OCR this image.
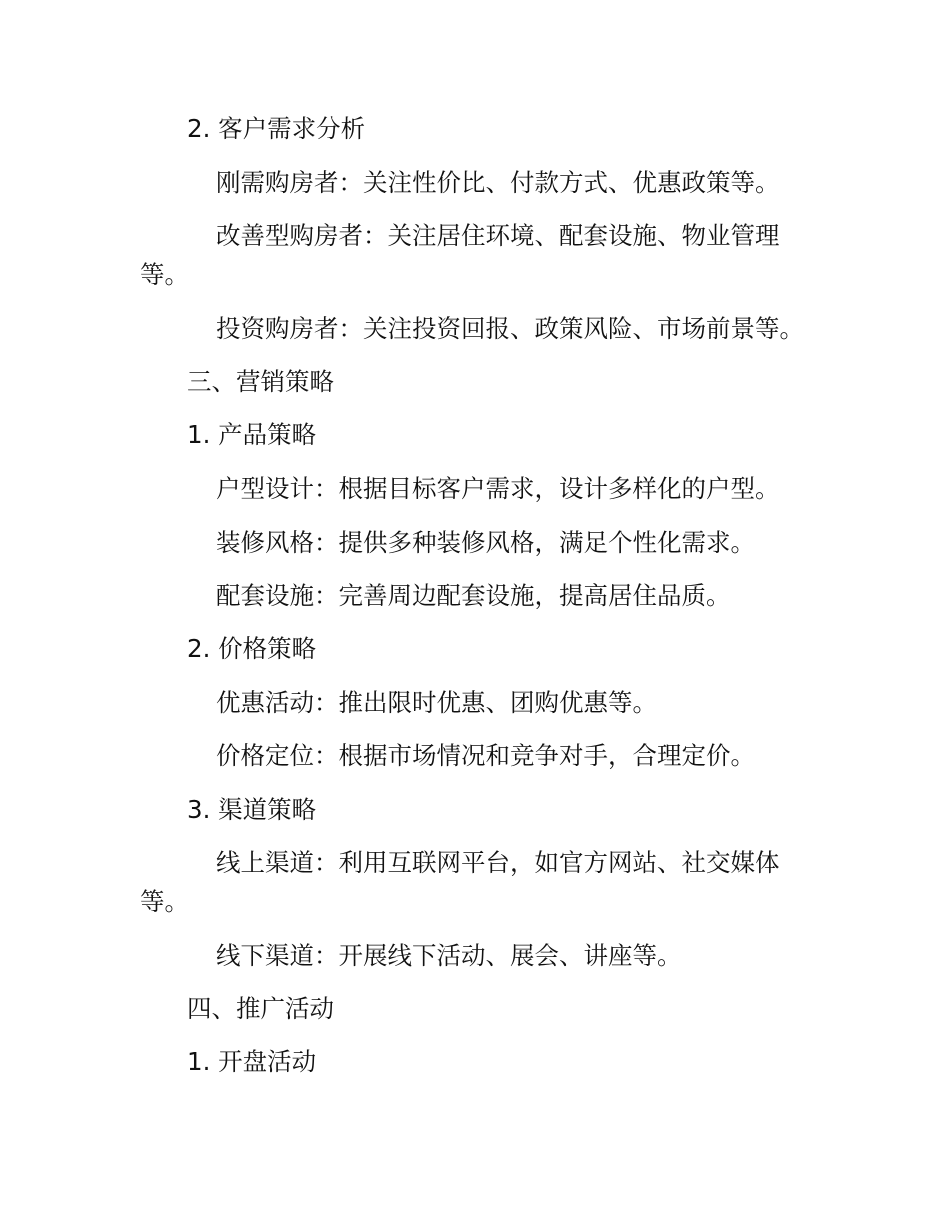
2. 客户需求分析
刚需购房者：关注性价比、付款方式、优惠政策等。
改善型购房者：关注居住环境、配套设施、物业管理
等。
投资购房者：关注投资回报、政策风险、市场前景等。
三、营销策略
1. 产品策略
户型设计：根据目标客户需求，设计多样化的户型。
装修风格：提供多种装修风格，满足个性化需求。
配套设施：完善周边配套设施，提高居住品质。
2. 价格策略
优惠活动：推出限时优惠、团购优惠等。
价格定位：根据市场情况和竞争对手，合理定价。
3. 渠道策略
线上渠道：利用互联网平台，如官方网站、社交媒体
等。
线下渠道：开展线下活动、展会、讲座等。
四、推广活动
1. 开盘活动
